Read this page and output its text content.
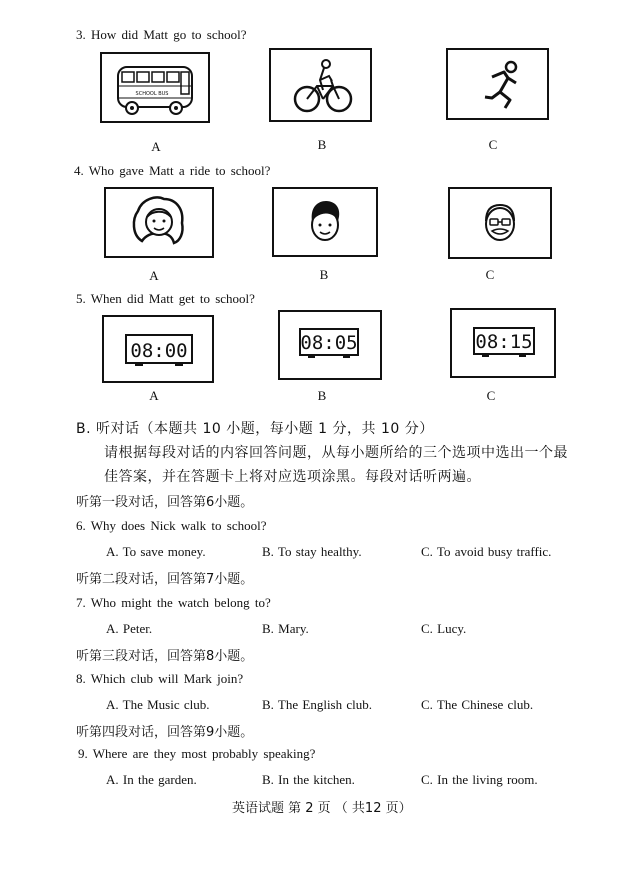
3. How did Matt go to school?
SCHOOL BUS
A	B	C
4. Who gave Matt a ride to school?
A	B	C
5. When did Matt get to school?
08:00	08:05	08:15
A	B	C
B. 听对话（本题共 10 小题，每小题 1 分，共 10 分）
请根据每段对话的内容回答问题，从每小题所给的三个选项中选出一个最
佳答案，并在答题卡上将对应选项涂黑。每段对话听两遍。
听第一段对话，回答第6小题。
6. Why does Nick walk to school?
A. To save money.	B. To stay healthy.	C. To avoid busy traffic.
听第二段对话，回答第7小题。
7. Who might the watch belong to?
A. Peter.	B. Mary.	C. Lucy.
听第三段对话，回答第8小题。
8. Which club will Mark join?
A. The Music club.	B. The English club.	C. The Chinese club.
听第四段对话，回答第9小题。
9. Where are they most probably speaking?
A. In the garden.	B. In the kitchen.	C. In the living room.
英语试题 第 2 页 （ 共12 页）
